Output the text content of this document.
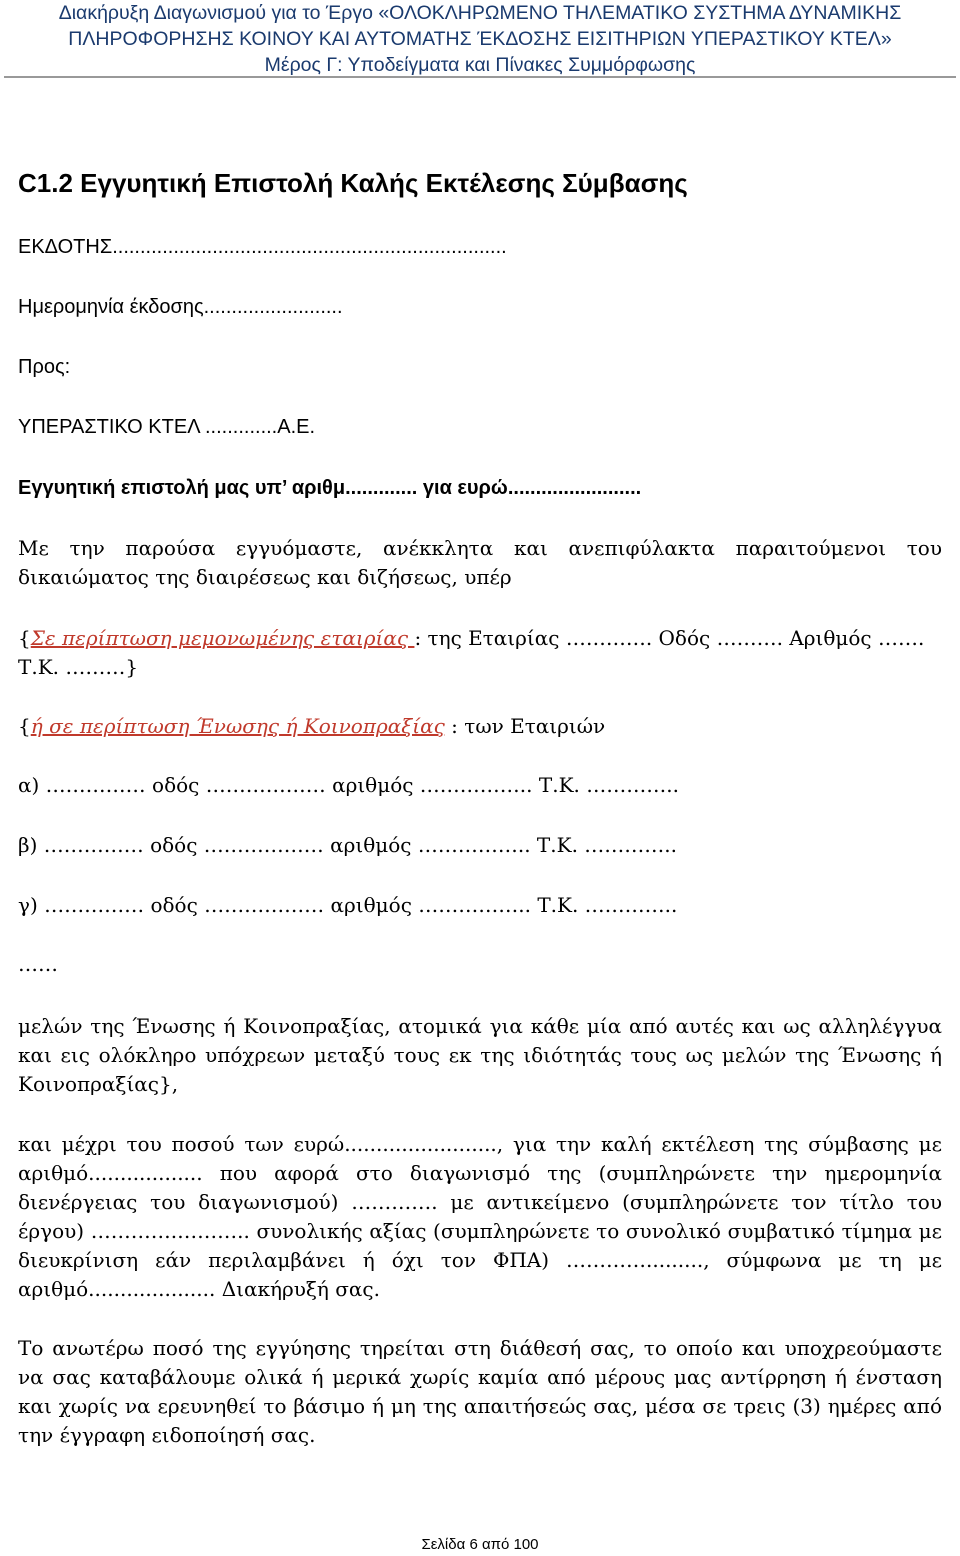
Διακήρυξη Διαγωνισμού για το Έργο «ΟΛΟΚΛΗΡΩΜΕΝΟ ΤΗΛΕΜΑΤΙΚΟ ΣΥΣΤΗΜΑ ΔΥΝΑΜΙΚΗΣ
ΠΛΗΡΟΦΟΡΗΣΗΣ ΚΟΙΝΟΥ ΚΑΙ ΑΥΤΟΜΑΤΗΣ ΈΚΔΟΣΗΣ ΕΙΣΙΤΗΡΙΩΝ ΥΠΕΡΑΣΤΙΚΟΥ ΚΤΕΛ»
Μέρος Γ: Υποδείγματα και Πίνακες Συμμόρφωσης
C1.2 Εγγυητική Επιστολή Καλής Εκτέλεσης Σύμβασης
ΕΚΔΟΤΗΣ.......................................................................
Ημερομηνία έκδοσης.........................
Προς:
ΥΠΕΡΑΣΤΙΚΟ ΚΤΕΛ .............Α.Ε.
Εγγυητική επιστολή μας υπ’ αριθμ............. για ευρώ........................
Με την παρούσα εγγυόμαστε, ανέκκλητα και ανεπιφύλακτα παραιτούμενοι του δικαιώματος της διαιρέσεως και διζήσεως, υπέρ
{Σε περίπτωση μεμονωμένης εταιρίας : της Εταιρίας …………. Οδός ………. Αριθμός …….
Τ.Κ. ………}
{ή σε περίπτωση Ένωσης ή Κοινοπραξίας : των Εταιριών
α) …………… οδός ……………… αριθμός …………….. Τ.Κ. …………..
β) …………… οδός ……………… αριθμός …………….. Τ.Κ. …………..
γ) …………… οδός ……………… αριθμός …………….. Τ.Κ. …………..
……
μελών της Ένωσης ή Κοινοπραξίας, ατομικά για κάθε μία από αυτές και ως αλληλέγγυα και εις ολόκληρο υπόχρεων μεταξύ τους εκ της ιδιότητάς τους ως μελών της Ένωσης ή Κοινοπραξίας},
και μέχρι του ποσού των ευρώ........................, για την καλή εκτέλεση της σύμβασης με αριθμό.................. που αφορά στο διαγωνισμό της (συμπληρώνετε την ημερομηνία διενέργειας του διαγωνισμού) …………. με αντικείμενο (συμπληρώνετε τον τίτλο του έργου) ………….……….. συνολικής αξίας (συμπληρώνετε το συνολικό συμβατικό τίμημα με διευκρίνιση εάν περιλαμβάνει ή όχι τον ΦΠΑ) …………........., σύμφωνα με τη με αριθμό.................... Διακήρυξή σας.
Το ανωτέρω ποσό της εγγύησης τηρείται στη διάθεσή σας, το οποίο και υποχρεούμαστε να σας καταβάλουμε ολικά ή μερικά χωρίς καμία από μέρους μας αντίρρηση ή ένσταση και χωρίς να ερευνηθεί το βάσιμο ή μη της απαιτήσεώς σας, μέσα σε τρεις (3) ημέρες από την έγγραφη ειδοποίησή σας.
Σελίδα 6 από 100
